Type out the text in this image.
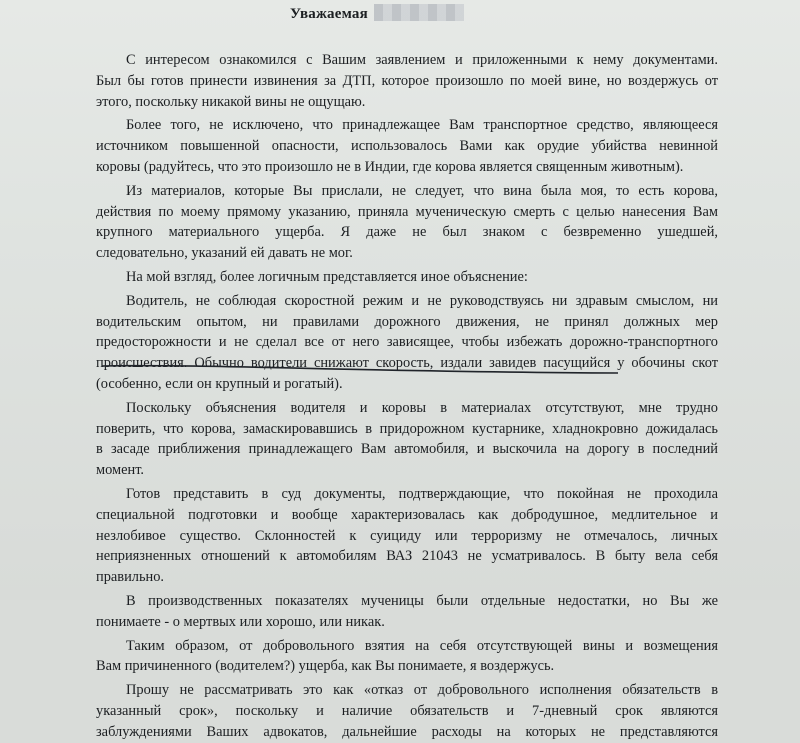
Уважаемая
С интересом ознакомился с Вашим заявлением и приложенными к нему документами.
Был бы готов принести извинения за ДТП, которое произошло по моей вине, но воздержусь от
этого, поскольку никакой вины не ощущаю.
Более того, не исключено, что принадлежащее Вам транспортное средство, являющееся
источником повышенной опасности, использовалось Вами как орудие убийства невинной
коровы (радуйтесь, что это произошло не в Индии, где корова является священным животным).
Из материалов, которые Вы прислали, не следует, что вина была моя, то есть корова,
действия по моему прямому указанию, приняла мученическую смерть с целью нанесения Вам
крупного материального ущерба. Я даже не был знаком с безвременно ушедшей,
следовательно, указаний ей давать не мог.
На мой взгляд, более логичным представляется иное объяснение:
Водитель, не соблюдая скоростной режим и не руководствуясь ни здравым смыслом, ни
водительским опытом, ни правилами дорожного движения, не принял должных мер
предосторожности и не сделал все от него зависящее, чтобы избежать дорожно-транспортного
происшествия. Обычно водители снижают скорость, издали завидев пасущийся у обочины скот
(особенно, если он крупный и рогатый).
Поскольку объяснения водителя и коровы в материалах отсутствуют, мне трудно
поверить, что корова, замаскировавшись в придорожном кустарнике, хладнокровно дожидалась
в засаде приближения принадлежащего Вам автомобиля, и выскочила на дорогу в последний
момент.
Готов представить в суд документы, подтверждающие, что покойная не проходила
специальной подготовки и вообще характеризовалась как добродушное, медлительное и
незлобивое существо. Склонностей к суициду или терроризму не отмечалось, личных
неприязненных отношений к автомобилям ВАЗ 21043 не усматривалось. В быту вела себя
правильно.
В производственных показателях мученицы были отдельные недостатки, но Вы же
понимаете - о мертвых или хорошо, или никак.
Таким образом, от добровольного взятия на себя отсутствующей вины и возмещения
Вам причиненного (водителем?) ущерба, как Вы понимаете, я воздержусь.
Прошу не рассматривать это как «отказ от добровольного исполнения обязательств в
указанный срок», поскольку и наличие обязательств и 7-дневный срок являются
заблуждениями Ваших адвокатов, дальнейшие расходы на которых не представляются
